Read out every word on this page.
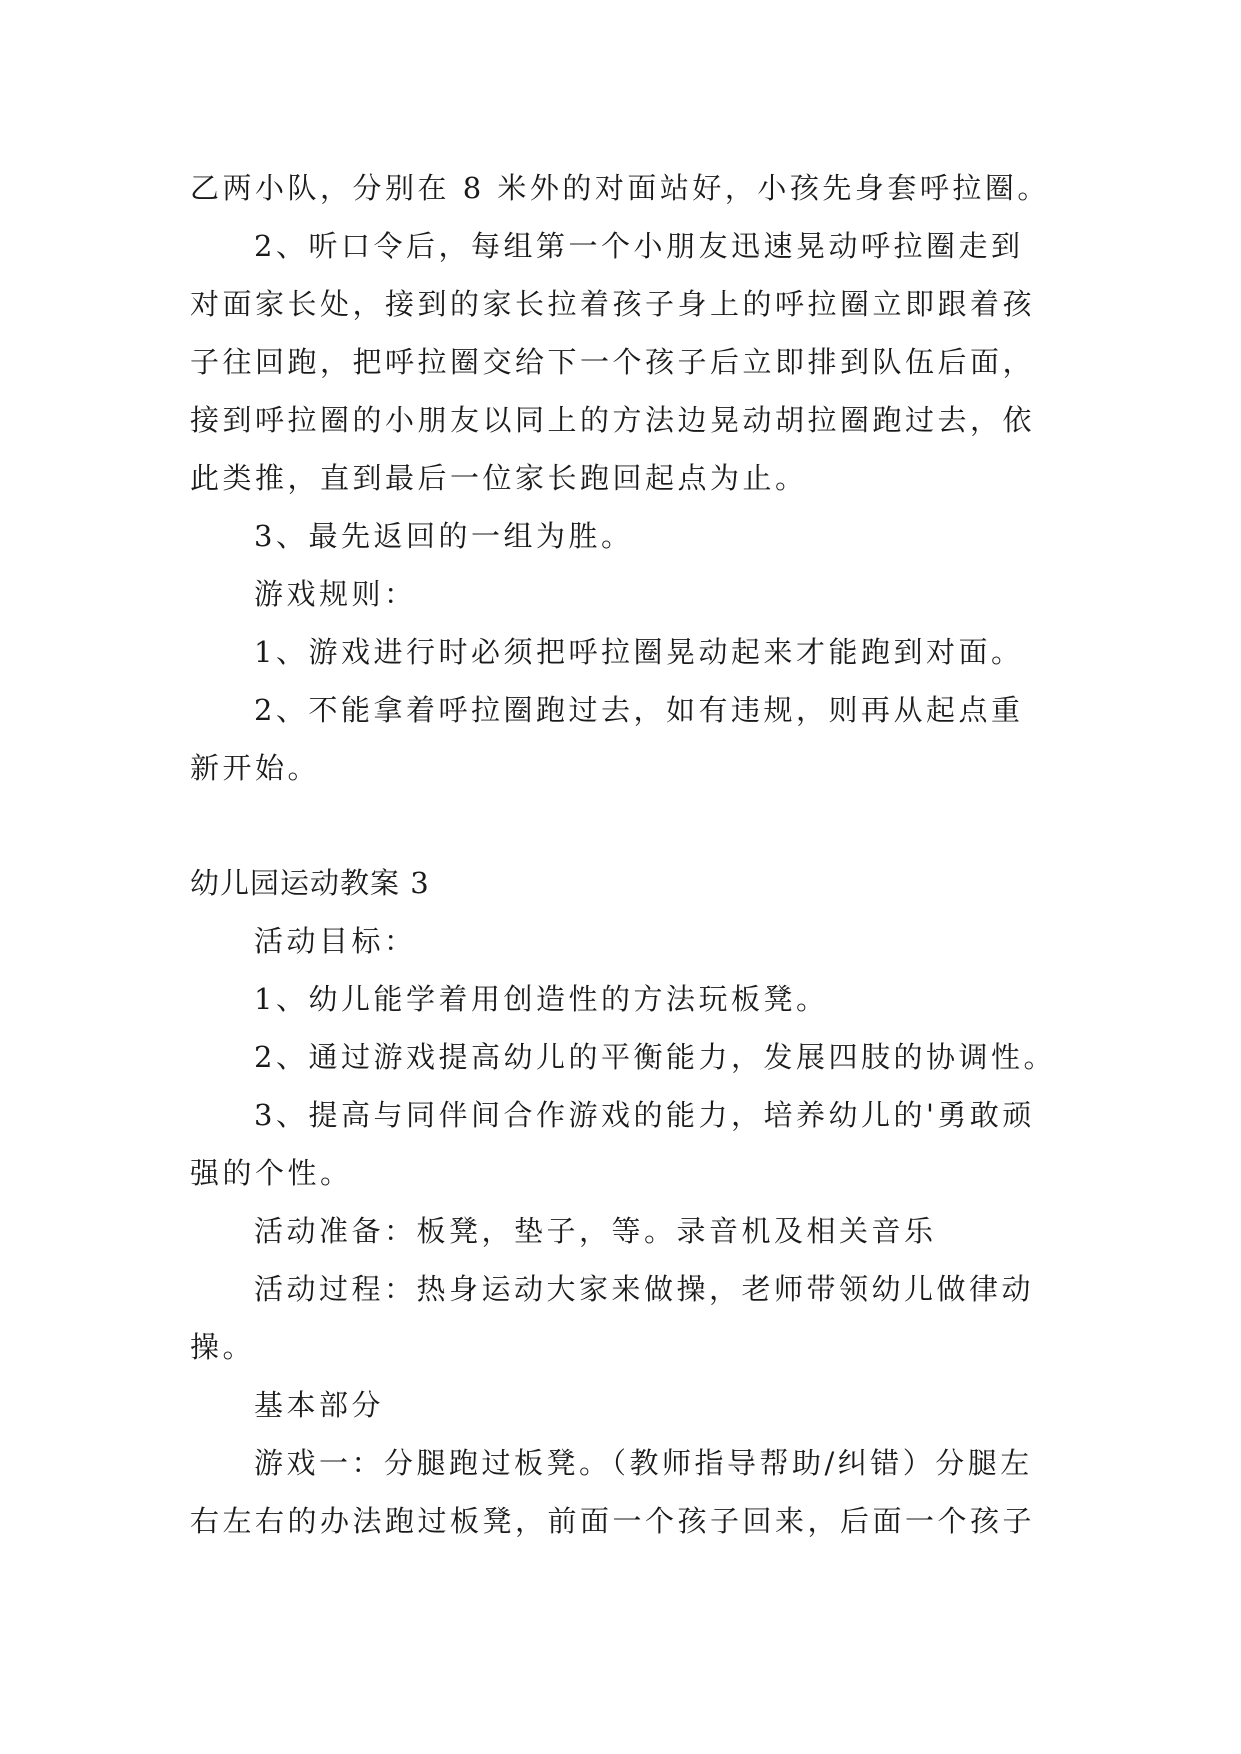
乙两小队，分别在 8 米外的对面站好，小孩先身套呼拉圈。
2、听口令后，每组第一个小朋友迅速晃动呼拉圈走到
对面家长处，接到的家长拉着孩子身上的呼拉圈立即跟着孩
子往回跑，把呼拉圈交给下一个孩子后立即排到队伍后面，
接到呼拉圈的小朋友以同上的方法边晃动胡拉圈跑过去，依
此类推，直到最后一位家长跑回起点为止。
3、最先返回的一组为胜。
游戏规则：
1、游戏进行时必须把呼拉圈晃动起来才能跑到对面。
2、不能拿着呼拉圈跑过去，如有违规，则再从起点重
新开始。
幼儿园运动教案 3
活动目标：
1、幼儿能学着用创造性的方法玩板凳。
2、通过游戏提高幼儿的平衡能力，发展四肢的协调性。
3、提高与同伴间合作游戏的能力，培养幼儿的'勇敢顽
强的个性。
活动准备：板凳，垫子，等。录音机及相关音乐
活动过程：热身运动大家来做操，老师带领幼儿做律动
操。
基本部分
游戏一：分腿跑过板凳。（教师指导帮助/纠错）分腿左
右左右的办法跑过板凳，前面一个孩子回来，后面一个孩子
